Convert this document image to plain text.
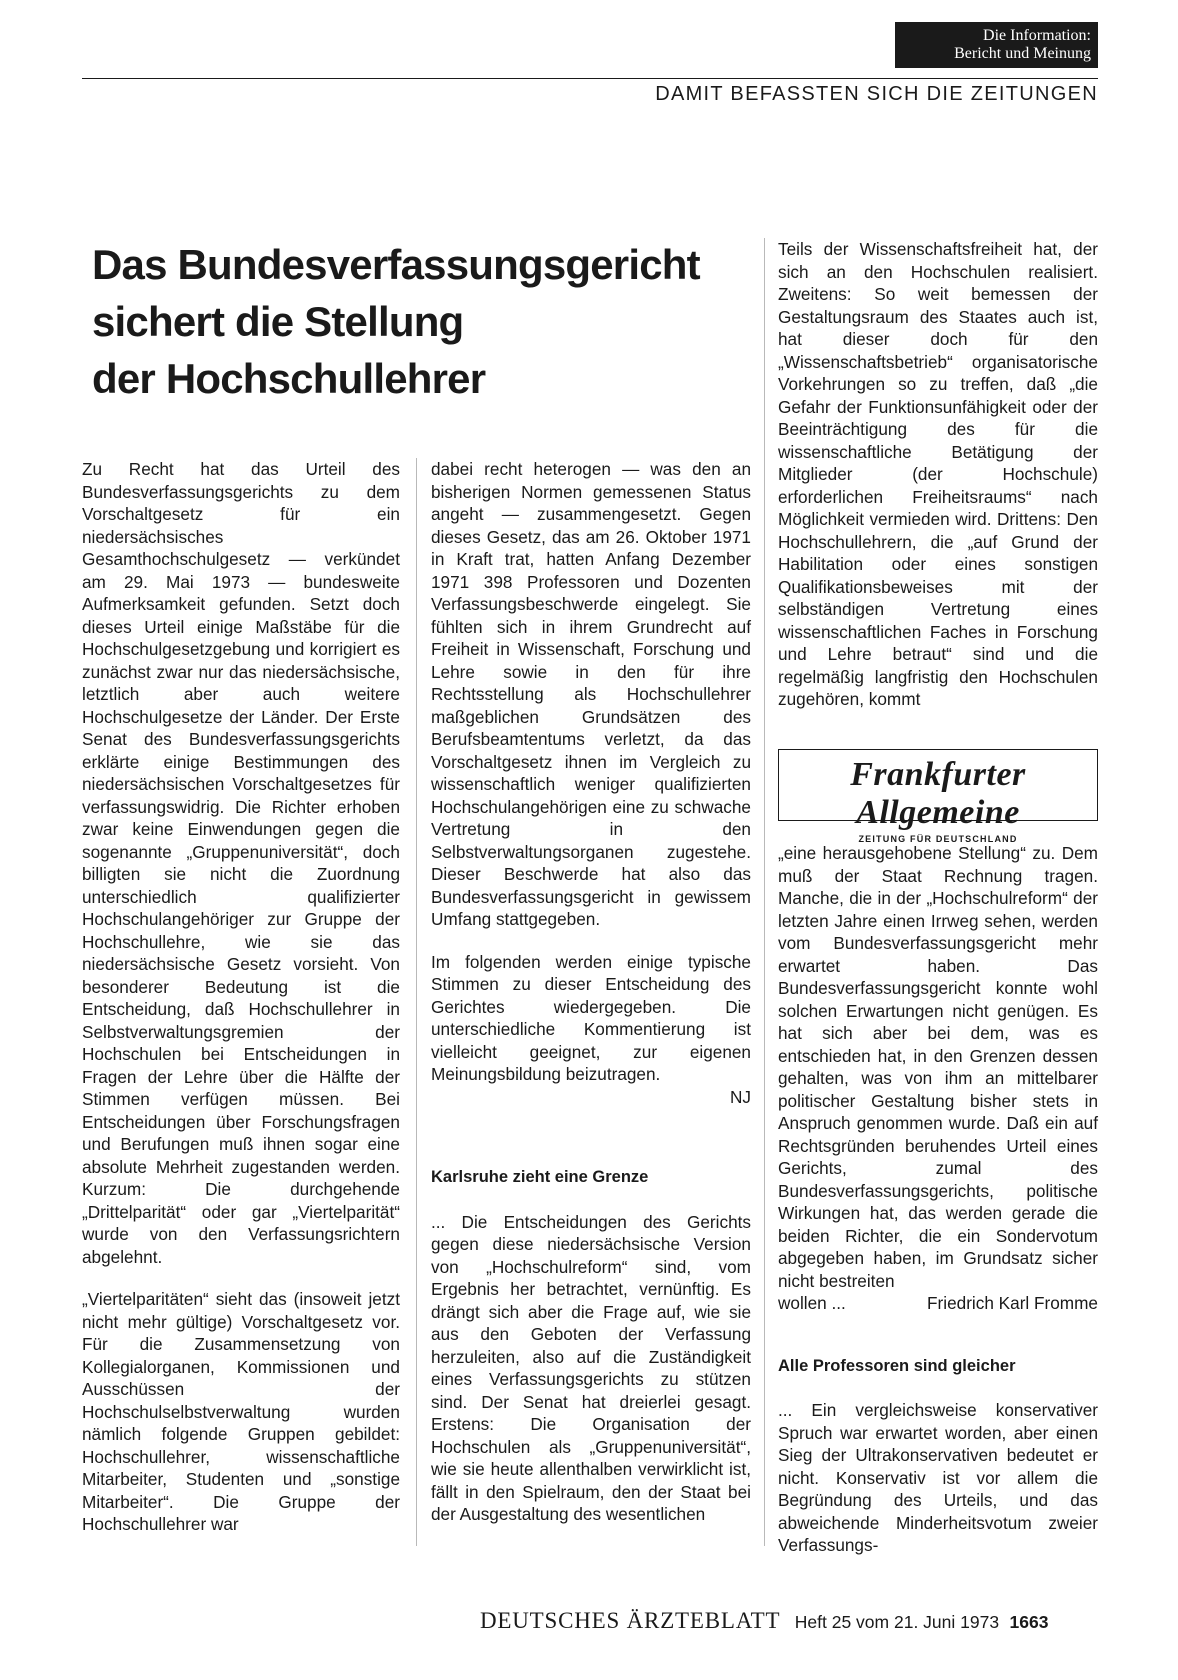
Die Information:
Bericht und Meinung
DAMIT BEFASSTEN SICH DIE ZEITUNGEN
Das Bundesverfassungsgericht
sichert die Stellung
der Hochschullehrer

Zu Recht hat das Urteil des Bundesverfassungsgerichts zu dem Vorschaltgesetz für ein niedersächsisches Gesamthochschulgesetz — verkündet am 29. Mai 1973 — bundesweite Aufmerksamkeit gefunden. Setzt doch dieses Urteil einige Maßstäbe für die Hochschulgesetzgebung und korrigiert es zunächst zwar nur das niedersächsische, letztlich aber auch weitere Hochschulgesetze der Länder. Der Erste Senat des Bundesverfassungsgerichts erklärte einige Bestimmungen des niedersächsischen Vorschaltgesetzes für verfassungswidrig. Die Richter erhoben zwar keine Einwendungen gegen die sogenannte „Gruppenuniversität“, doch billigten sie nicht die Zuordnung unterschiedlich qualifizierter Hochschulangehöriger zur Gruppe der Hochschullehre, wie sie das niedersächsische Gesetz vorsieht. Von besonderer Bedeutung ist die Entscheidung, daß Hochschullehrer in Selbstverwaltungsgremien der Hochschulen bei Entscheidungen in Fragen der Lehre über die Hälfte der Stimmen verfügen müssen. Bei Entscheidungen über Forschungsfragen und Berufungen muß ihnen sogar eine absolute Mehrheit zugestanden werden. Kurzum: Die durchgehende „Drittelparität“ oder gar „Viertelparität“ wurde von den Verfassungsrichtern abgelehnt.

„Viertelparitäten“ sieht das (insoweit jetzt nicht mehr gültige) Vorschaltgesetz vor. Für die Zusammensetzung von Kollegialorganen, Kommissionen und Ausschüssen der Hochschulselbstverwaltung wurden nämlich folgende Gruppen gebildet: Hochschullehrer, wissenschaftliche Mitarbeiter, Studenten und „sonstige Mitarbeiter“. Die Gruppe der Hochschullehrer war

dabei recht heterogen — was den an bisherigen Normen gemessenen Status angeht — zusammengesetzt. Gegen dieses Gesetz, das am 26. Oktober 1971 in Kraft trat, hatten Anfang Dezember 1971 398 Professoren und Dozenten Verfassungsbeschwerde eingelegt. Sie fühlten sich in ihrem Grundrecht auf Freiheit in Wissenschaft, Forschung und Lehre sowie in den für ihre Rechtsstellung als Hochschullehrer maßgeblichen Grundsätzen des Berufsbeamtentums verletzt, da das Vorschaltgesetz ihnen im Vergleich zu wissenschaftlich weniger qualifizierten Hochschulangehörigen eine zu schwache Vertretung in den Selbstverwaltungsorganen zugestehe. Dieser Beschwerde hat also das Bundesverfassungsgericht in gewissem Umfang stattgegeben.

Im folgenden werden einige typische Stimmen zu dieser Entscheidung des Gerichtes wiedergegeben. Die unterschiedliche Kommentierung ist vielleicht geeignet, zur eigenen Meinungsbildung beizutragen.
NJ

Karlsruhe zieht eine Grenze

... Die Entscheidungen des Gerichts gegen diese niedersächsische Version von „Hochschulreform“ sind, vom Ergebnis her betrachtet, vernünftig. Es drängt sich aber die Frage auf, wie sie aus den Geboten der Verfassung herzuleiten, also auf die Zuständigkeit eines Verfassungsgerichts zu stützen sind. Der Senat hat dreierlei gesagt. Erstens: Die Organisation der Hochschulen als „Gruppenuniversität“, wie sie heute allenthalben verwirklicht ist, fällt in den Spielraum, den der Staat bei der Ausgestaltung des wesentlichen

Teils der Wissenschaftsfreiheit hat, der sich an den Hochschulen realisiert. Zweitens: So weit bemessen der Gestaltungsraum des Staates auch ist, hat dieser doch für den „Wissenschaftsbetrieb“ organisatorische Vorkehrungen so zu treffen, daß „die Gefahr der Funktionsunfähigkeit oder der Beeinträchtigung des für die wissenschaftliche Betätigung der Mitglieder (der Hochschule) erforderlichen Freiheitsraums“ nach Möglichkeit vermieden wird. Drittens: Den Hochschullehrern, die „auf Grund der Habilitation oder eines sonstigen Qualifikationsbeweises mit der selbständigen Vertretung eines wissenschaftlichen Faches in Forschung und Lehre betraut“ sind und die regelmäßig langfristig den Hochschulen zugehören, kommt

Frankfurter Allgemeine
ZEITUNG FÜR DEUTSCHLAND

„eine herausgehobene Stellung“ zu. Dem muß der Staat Rechnung tragen. Manche, die in der „Hochschulreform“ der letzten Jahre einen Irrweg sehen, werden vom Bundesverfassungsgericht mehr erwartet haben. Das Bundesverfassungsgericht konnte wohl solchen Erwartungen nicht genügen. Es hat sich aber bei dem, was es entschieden hat, in den Grenzen dessen gehalten, was von ihm an mittelbarer politischer Gestaltung bisher stets in Anspruch genommen wurde. Daß ein auf Rechtsgründen beruhendes Urteil eines Gerichts, zumal des Bundesverfassungsgerichts, politische Wirkungen hat, das werden gerade die beiden Richter, die ein Sondervotum abgegeben haben, im Grundsatz sicher nicht bestreiten

wollen ...	Friedrich Karl Fromme

Alle Professoren sind gleicher

... Ein vergleichsweise konservativer Spruch war erwartet worden, aber einen Sieg der Ultrakonservativen bedeutet er nicht. Konservativ ist vor allem die Begründung des Urteils, und das abweichende Minderheitsvotum zweier Verfassungs-

DEUTSCHES ÄRZTEBLATT Heft 25 vom 21. Juni 1973 1663
